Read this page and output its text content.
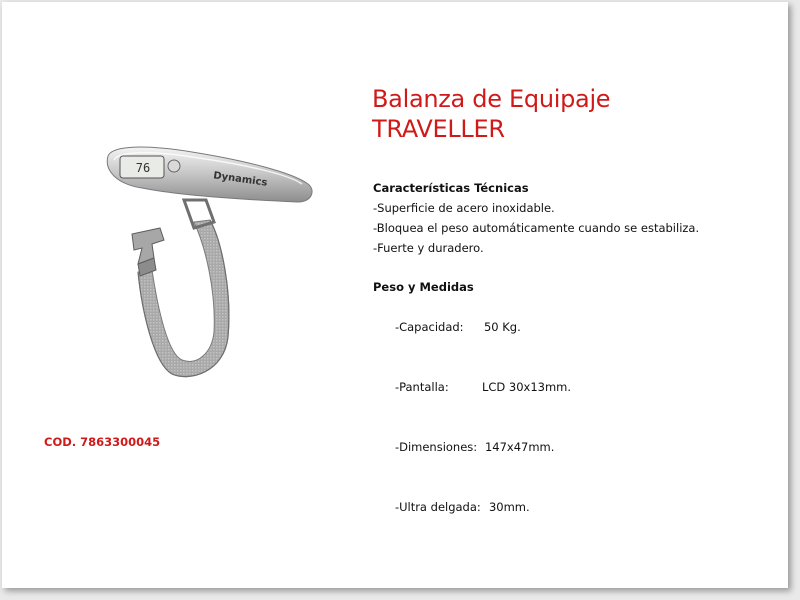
76
Dynamics
Balanza de Equipaje
TRAVELLER
Características Técnicas
-Superficie de acero inoxidable.
-Bloquea el peso automáticamente cuando se estabiliza.
-Fuerte y duradero.
Peso y Medidas

-Capacidad: 50 Kg.

-Pantalla:	LCD 30x13mm.

-Dimensiones: 147x47mm.

-Ultra delgada: 30mm.

COD. 7863300045
